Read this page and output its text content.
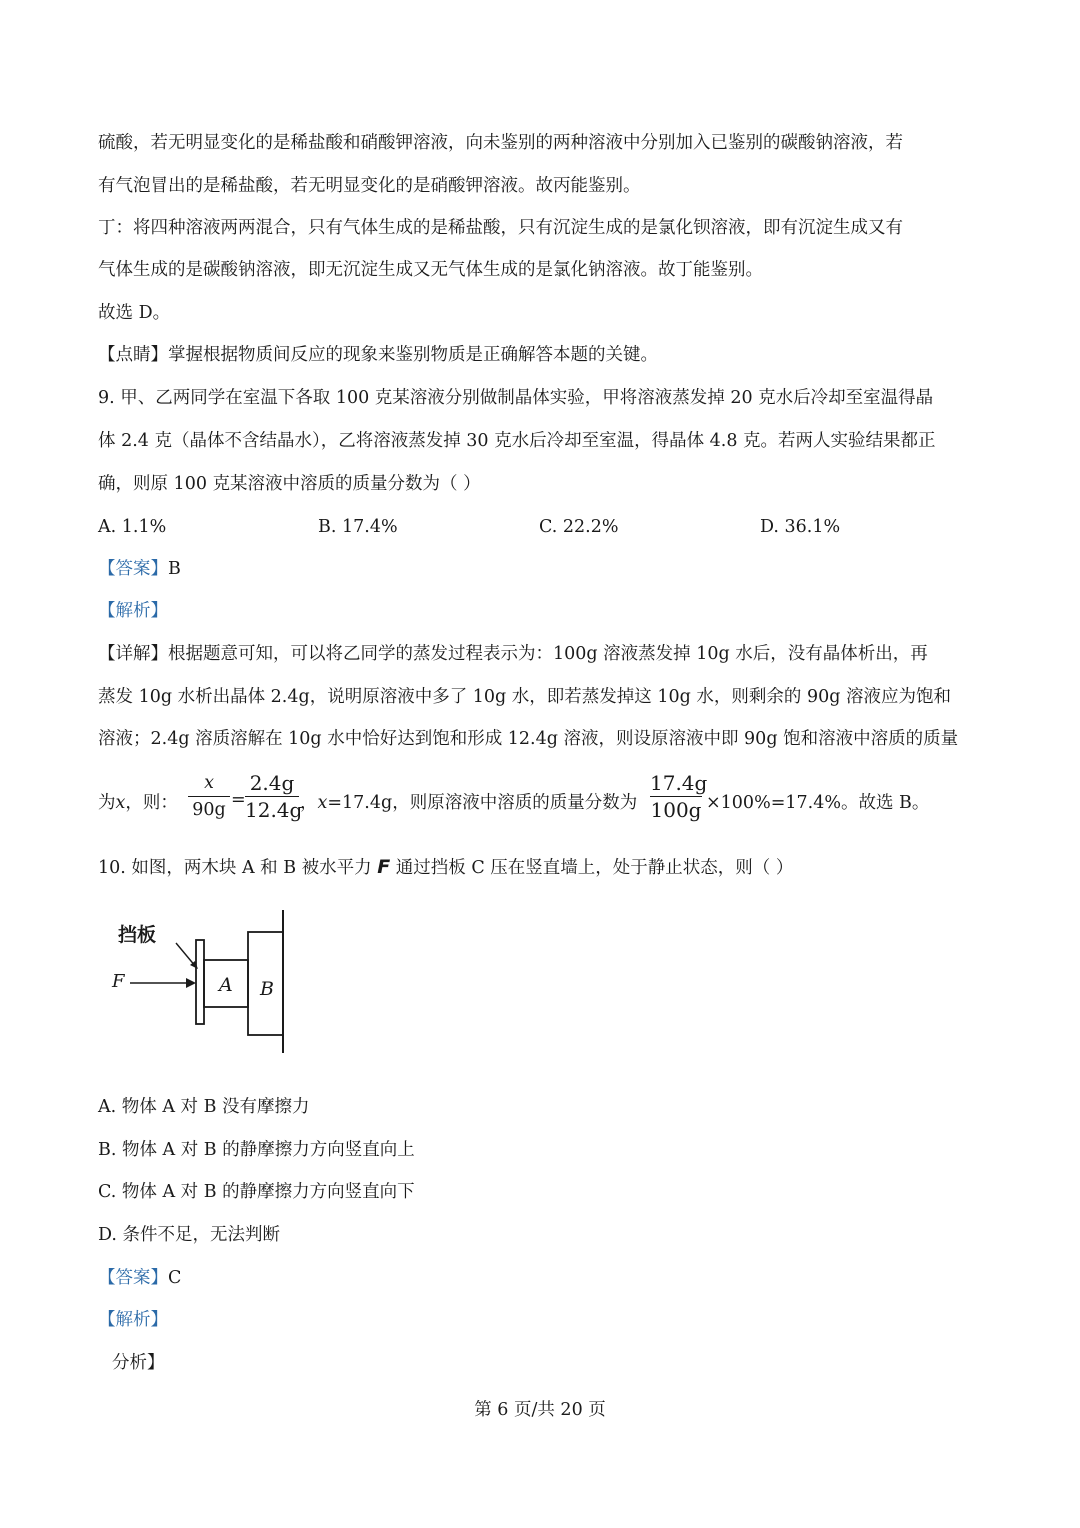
硫酸，若无明显变化的是稀盐酸和硝酸钾溶液，向未鉴别的两种溶液中分别加入已鉴别的碳酸钠溶液，若
有气泡冒出的是稀盐酸，若无明显变化的是硝酸钾溶液。故丙能鉴别。
丁：将四种溶液两两混合，只有气体生成的是稀盐酸，只有沉淀生成的是氯化钡溶液，即有沉淀生成又有
气体生成的是碳酸钠溶液，即无沉淀生成又无气体生成的是氯化钠溶液。故丁能鉴别。
故选 D。
【点睛】掌握根据物质间反应的现象来鉴别物质是正确解答本题的关键。
9. 甲、乙两同学在室温下各取 100 克某溶液分别做制晶体实验，甲将溶液蒸发掉 20 克水后冷却至室温得晶
体 2.4 克（晶体不含结晶水），乙将溶液蒸发掉 30 克水后冷却至室温，得晶体 4.8 克。若两人实验结果都正
确，则原 100 克某溶液中溶质的质量分数为（ ）
A. 1.1%	B. 17.4%	C. 22.2%	D. 36.1%
【答案】B
【解析】
【详解】根据题意可知，可以将乙同学的蒸发过程表示为：100g 溶液蒸发掉 10g 水后，没有晶体析出，再
蒸发 10g 水析出晶体 2.4g，说明原溶液中多了 10g 水，即若蒸发掉这 10g 水，则剩余的 90g 溶液应为饱和
溶液；2.4g 溶质溶解在 10g 水中恰好达到饱和形成 12.4g 溶液，则设原溶液中即 90g 饱和溶液中溶质的质量
为x，则：
x
90g =
2.4g
12.4g
，x=17.4g，则原溶液中溶质的质量分数为
17.4g
100g ×100%=17.4%。故选 B。
10. 如图，两木块 A 和 B 被水平力 F 通过挡板 C 压在竖直墙上，处于静止状态，则（ ）
挡板
F	A B
A. 物体 A 对 B 没有摩擦力
B. 物体 A 对 B 的静摩擦力方向竖直向上
C. 物体 A 对 B 的静摩擦力方向竖直向下
D. 条件不足，无法判断
【答案】C
【解析】
分析】
第 6 页/共 20 页
